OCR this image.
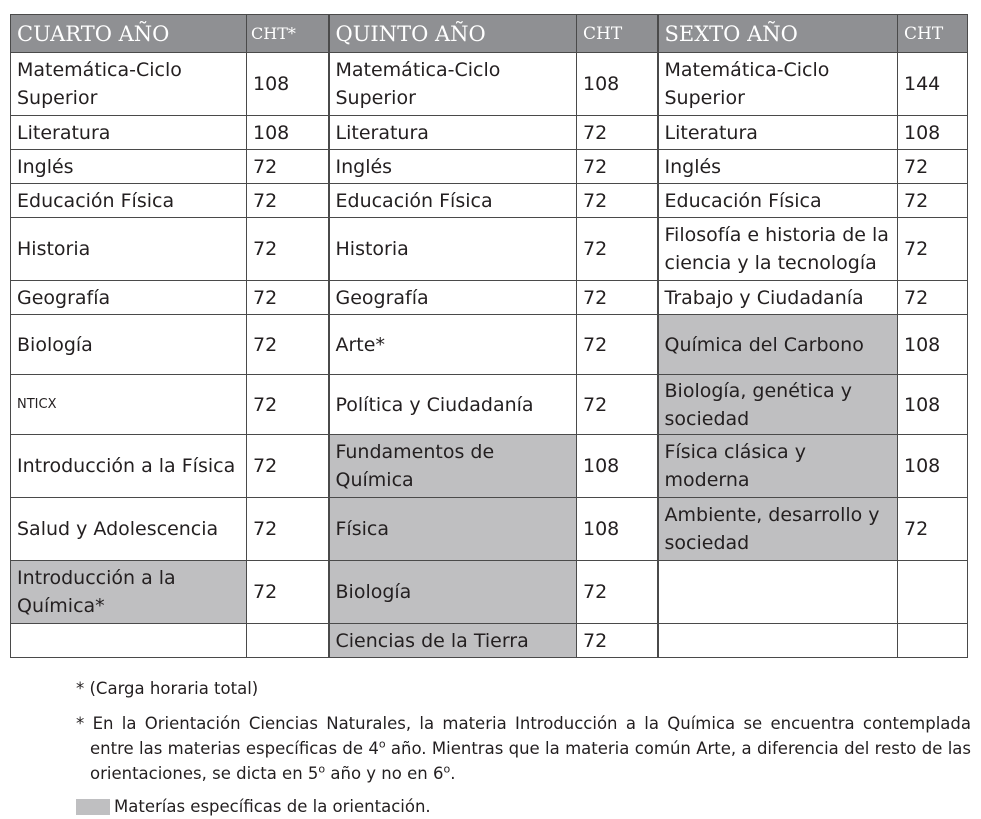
CUARTO AÑO	CHT*	QUINTO AÑO	CHT	SEXTO AÑO	CHT
Matemática-Ciclo Superior	108	Matemática-Ciclo Superior	108	Matemática-Ciclo Superior	144
Literatura	108	Literatura	72	Literatura	108
Inglés	72	Inglés	72	Inglés	72
Educación Física	72	Educación Física	72	Educación Física	72
Historia	72	Historia	72	Filosofía e historia de la ciencia y la tecnología	72
Geografía	72	Geografía	72	Trabajo y Ciudadanía	72
Biología	72	Arte*	72	Química del Carbono	108
NTICX	72	Política y Ciudadanía	72	Biología, genética y sociedad	108
Introducción a la Física	72	Fundamentos de Química	108	Física clásica y moderna	108
Salud y Adolescencia	72	Física	108	Ambiente, desarrollo y sociedad	72
Introducción a la Química*	72	Biología	72		
		Ciencias de la Tierra	72		

* (Carga horaria total)

* En la Orientación Ciencias Naturales, la materia Introducción a la Química se encuentra contemplada entre las materias específicas de 4$^o$ año. Mientras que la materia común Arte, a diferencia del resto de las orientaciones, se dicta en 5$^o$ año y no en 6$^o$.

Materías específicas de la orientación.
